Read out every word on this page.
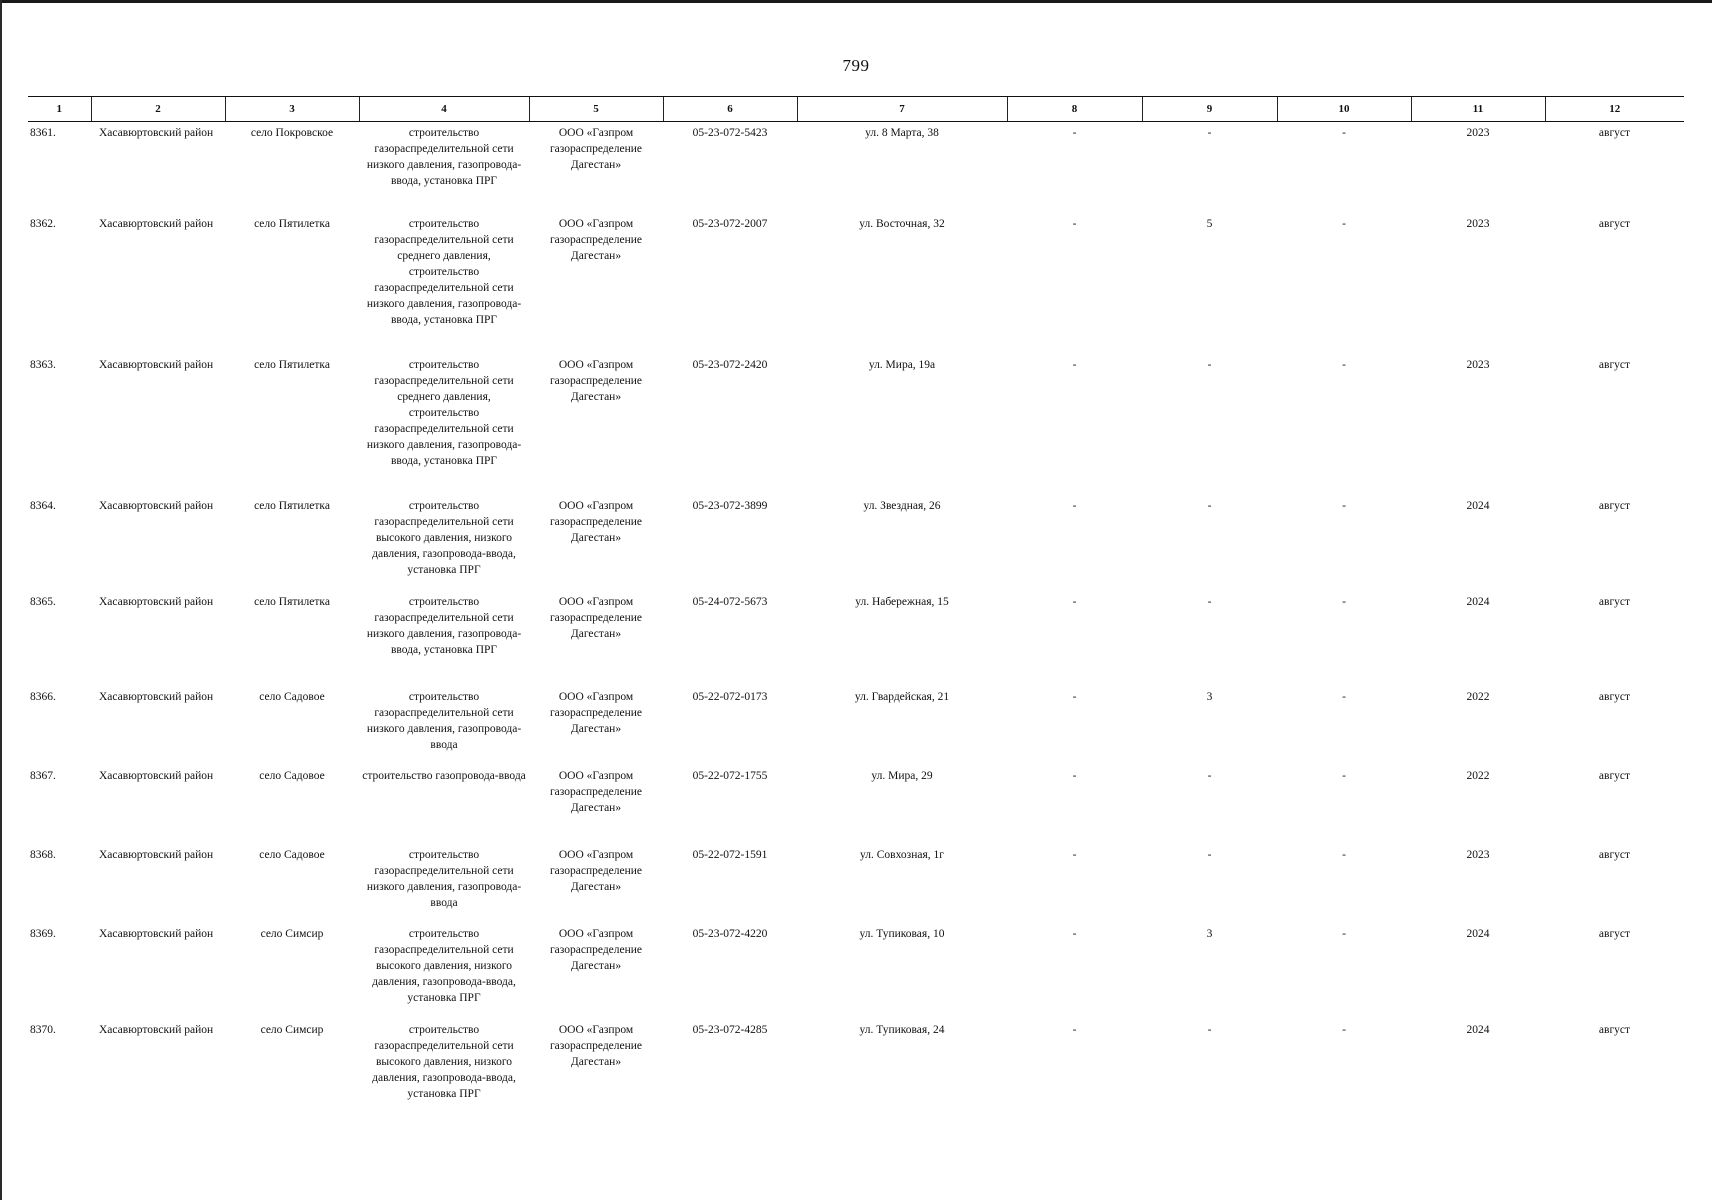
799
1	2	3	4	5	6	7	8	9	10	11	12
8361.	Хасавюртовский район	село Покровское	строительство газораспределительной сети низкого давления, газопровода-ввода, установка ПРГ	ООО «Газпром газораспределение Дагестан»	05-23-072-5423	ул. 8 Марта, 38	-	-	-	2023	август
8362.	Хасавюртовский район	село Пятилетка	строительство газораспределительной сети среднего давления, строительство газораспределительной сети низкого давления, газопровода-ввода, установка ПРГ	ООО «Газпром газораспределение Дагестан»	05-23-072-2007	ул. Восточная, 32	-	5	-	2023	август
8363.	Хасавюртовский район	село Пятилетка	строительство газораспределительной сети среднего давления, строительство газораспределительной сети низкого давления, газопровода-ввода, установка ПРГ	ООО «Газпром газораспределение Дагестан»	05-23-072-2420	ул. Мира, 19а	-	-	-	2023	август
8364.	Хасавюртовский район	село Пятилетка	строительство газораспределительной сети высокого давления, низкого давления, газопровода-ввода, установка ПРГ	ООО «Газпром газораспределение Дагестан»	05-23-072-3899	ул. Звездная, 26	-	-	-	2024	август
8365.	Хасавюртовский район	село Пятилетка	строительство газораспределительной сети низкого давления, газопровода-ввода, установка ПРГ	ООО «Газпром газораспределение Дагестан»	05-24-072-5673	ул. Набережная, 15	-	-	-	2024	август
8366.	Хасавюртовский район	село Садовое	строительство газораспределительной сети низкого давления, газопровода-ввода	ООО «Газпром газораспределение Дагестан»	05-22-072-0173	ул. Гвардейская, 21	-	3	-	2022	август
8367.	Хасавюртовский район	село Садовое	строительство газопровода-ввода	ООО «Газпром газораспределение Дагестан»	05-22-072-1755	ул. Мира, 29	-	-	-	2022	август
8368.	Хасавюртовский район	село Садовое	строительство газораспределительной сети низкого давления, газопровода-ввода	ООО «Газпром газораспределение Дагестан»	05-22-072-1591	ул. Совхозная, 1г	-	-	-	2023	август
8369.	Хасавюртовский район	село Симсир	строительство газораспределительной сети высокого давления, низкого давления, газопровода-ввода, установка ПРГ	ООО «Газпром газораспределение Дагестан»	05-23-072-4220	ул. Тупиковая, 10	-	3	-	2024	август
8370.	Хасавюртовский район	село Симсир	строительство газораспределительной сети высокого давления, низкого давления, газопровода-ввода, установка ПРГ	ООО «Газпром газораспределение Дагестан»	05-23-072-4285	ул. Тупиковая, 24	-	-	-	2024	август
